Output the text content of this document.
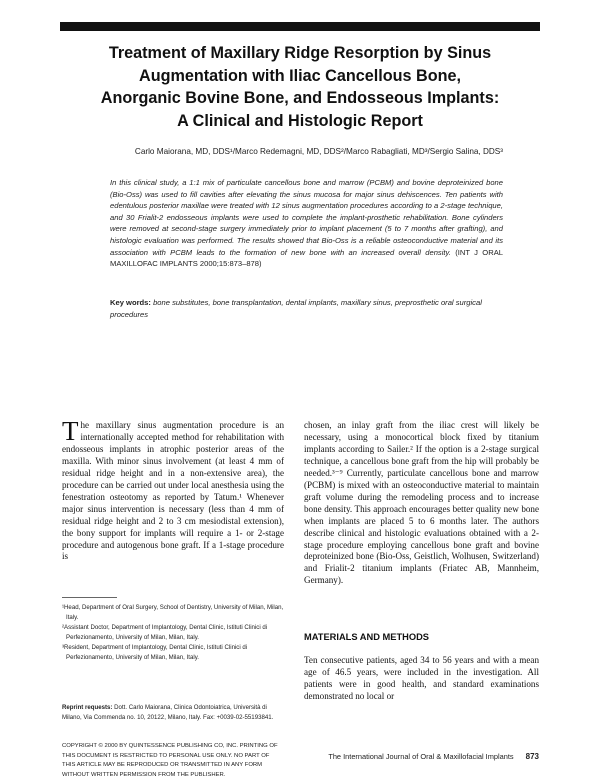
Treatment of Maxillary Ridge Resorption by Sinus
Augmentation with Iliac Cancellous Bone,
Anorganic Bovine Bone, and Endosseous Implants:
A Clinical and Histologic Report
Carlo Maiorana, MD, DDS¹/Marco Redemagni, MD, DDS²/Marco Rabagliati, MD³/Sergio Salina, DDS³
In this clinical study, a 1:1 mix of particulate cancellous bone and marrow (PCBM) and bovine deproteinized bone (Bio-Oss) was used to fill cavities after elevating the sinus mucosa for major sinus dehiscences. Ten patients with edentulous posterior maxillae were treated with 12 sinus augmentation procedures according to a 2-stage technique, and 30 Frialit-2 endosseous implants were used to complete the implant-prosthetic rehabilitation. Bone cylinders were removed at second-stage surgery immediately prior to implant placement (5 to 7 months after grafting), and histologic evaluation was performed. The results showed that Bio-Oss is a reliable osteoconductive material and its association with PCBM leads to the formation of new bone with an increased overall density. (INT J ORAL MAXILLOFAC IMPLANTS 2000;15:873–878)
Key words: bone substitutes, bone transplantation, dental implants, maxillary sinus, preprosthetic oral surgical procedures
The maxillary sinus augmentation procedure is an internationally accepted method for rehabilitation with endosseous implants in atrophic posterior areas of the maxilla. With minor sinus involvement (at least 4 mm of residual ridge height and in a non-extensive area), the procedure can be carried out under local anesthesia using the fenestration osteotomy as reported by Tatum.¹ Whenever major sinus intervention is necessary (less than 4 mm of residual ridge height and 2 to 3 cm mesiodistal extension), the bony support for implants will require a 1- or 2-stage procedure and autogenous bone graft. If a 1-stage procedure is
chosen, an inlay graft from the iliac crest will likely be necessary, using a monocortical block fixed by titanium implants according to Sailer.² If the option is a 2-stage surgical technique, a cancellous bone graft from the hip will probably be needed.³⁻⁹ Currently, particulate cancellous bone and marrow (PCBM) is mixed with an osteoconductive material to maintain graft volume during the remodeling process and to increase bone density. This approach encourages better quality new bone when implants are placed 5 to 6 months later. The authors describe clinical and histologic evaluations obtained with a 2-stage procedure employing cancellous bone graft and bovine deproteinized bone (Bio-Oss, Geistlich, Wolhusen, Switzerland) and Frialit-2 titanium implants (Friatec AB, Mannheim, Germany).
¹Head, Department of Oral Surgery, School of Dentistry, University of Milan, Milan, Italy.
²Assistant Doctor, Department of Implantology, Dental Clinic, Istituti Clinici di Perfezionamento, University of Milan, Milan, Italy.
³Resident, Department of Implantology, Dental Clinic, Istituti Clinici di Perfezionamento, University of Milan, Milan, Italy.
Reprint requests: Dott. Carlo Maiorana, Clinica Odontoiatrica, Università di Milano, Via Commenda no. 10, 20122, Milano, Italy. Fax: +0039-02-55193841.
COPYRIGHT © 2000 BY QUINTESSENCE PUBLISHING CO, INC. PRINTING OF THIS DOCUMENT IS RESTRICTED TO PERSONAL USE ONLY. NO PART OF THIS ARTICLE MAY BE REPRODUCED OR TRANSMITTED IN ANY FORM WITHOUT WRITTEN PERMISSION FROM THE PUBLISHER.
MATERIALS AND METHODS
Ten consecutive patients, aged 34 to 56 years and with a mean age of 46.5 years, were included in the investigation. All patients were in good health, and standard examinations demonstrated no local or
The International Journal of Oral & Maxillofacial Implants 873
